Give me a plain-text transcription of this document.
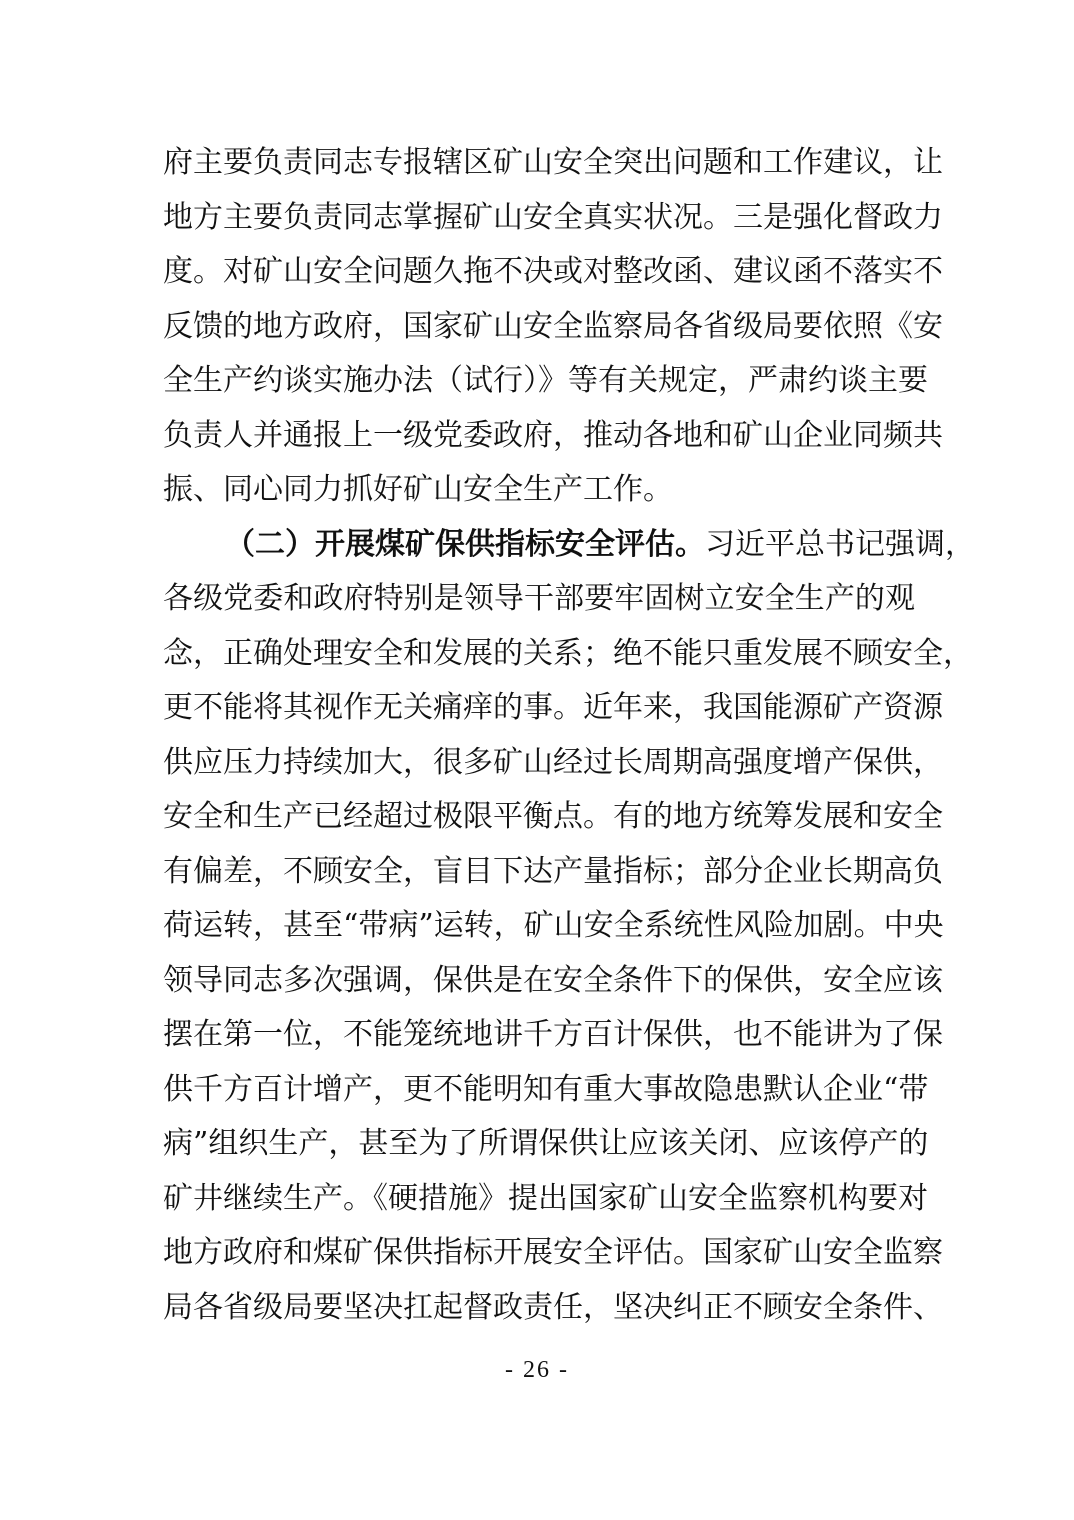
府主要负责同志专报辖区矿山安全突出问题和工作建议，让
地方主要负责同志掌握矿山安全真实状况。三是强化督政力
度。对矿山安全问题久拖不决或对整改函、建议函不落实不
反馈的地方政府，国家矿山安全监察局各省级局要依照《安
全生产约谈实施办法（试行）》等有关规定，严肃约谈主要
负责人并通报上一级党委政府，推动各地和矿山企业同频共
振、同心同力抓好矿山安全生产工作。
（二）开展煤矿保供指标安全评估。习近平总书记强调，
各级党委和政府特别是领导干部要牢固树立安全生产的观
念，正确处理安全和发展的关系；绝不能只重发展不顾安全，
更不能将其视作无关痛痒的事。近年来，我国能源矿产资源
供应压力持续加大，很多矿山经过长周期高强度增产保供，
安全和生产已经超过极限平衡点。有的地方统筹发展和安全
有偏差，不顾安全，盲目下达产量指标；部分企业长期高负
荷运转，甚至“带病”运转，矿山安全系统性风险加剧。中央
领导同志多次强调，保供是在安全条件下的保供，安全应该
摆在第一位，不能笼统地讲千方百计保供，也不能讲为了保
供千方百计增产，更不能明知有重大事故隐患默认企业“带
病”组织生产，甚至为了所谓保供让应该关闭、应该停产的
矿井继续生产。《硬措施》提出国家矿山安全监察机构要对
地方政府和煤矿保供指标开展安全评估。国家矿山安全监察
局各省级局要坚决扛起督政责任，坚决纠正不顾安全条件、
- 26 -
